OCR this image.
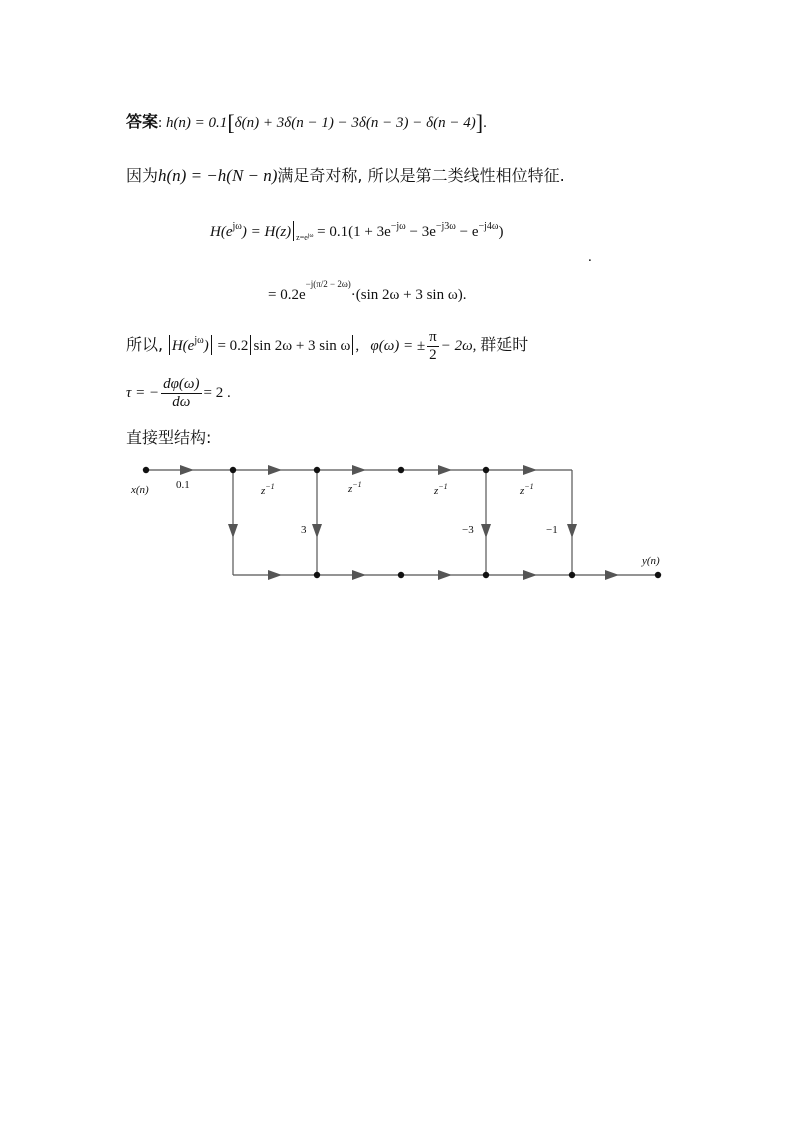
答案: h(n) = 0.1[δ(n) + 3δ(n − 1) − 3δ(n − 3) − δ(n − 4)].
因为h(n) = −h(N − n)满足奇对称, 所以是第二类线性相位特征.
$H(e^{j\omega}) = H(z) _{z=e}j\omega = 0.1(1 + 3e^{-j\omega} - 3e^{-j3\omega} - e^{-j4\omega})$
.
= $0.2e^{-j(\pi/2 - 2\omega)}\cdot(\sin$ 2ω + 3 sin ω).
所以, $H(e^{j\omega}) = 0.2$ sin 2ω + 3 sin ω , φ(ω) = ± $\frac{\pi}{2} - 2\omega$, 群延时
τ = − $\frac{d\varphi(\omega)}{d\omega} = 2$ .
直接型结构:
x(n) 0.1	$z^{-1}$	$z^{-1}$
$z^{-1}$	$z^{-1}$
3	−3	−1
y(n)
